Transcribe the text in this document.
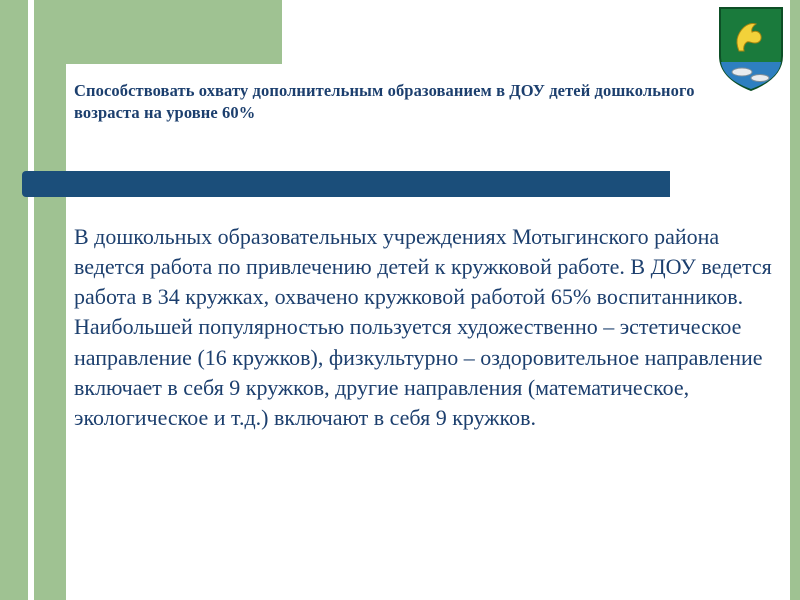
Способствовать охвату дополнительным образованием в ДОУ детей дошкольного возраста на уровне 60%
В дошкольных образовательных учреждениях Мотыгинского района ведется работа по привлечению детей к кружковой работе. В ДОУ ведется работа в 34 кружках, охвачено кружковой работой 65% воспитанников. Наибольшей популярностью пользуется художественно – эстетическое направление (16 кружков), физкультурно – оздоровительное направление включает в себя 9 кружков, другие направления (математическое, экологическое и т.д.) включают в себя 9 кружков.
